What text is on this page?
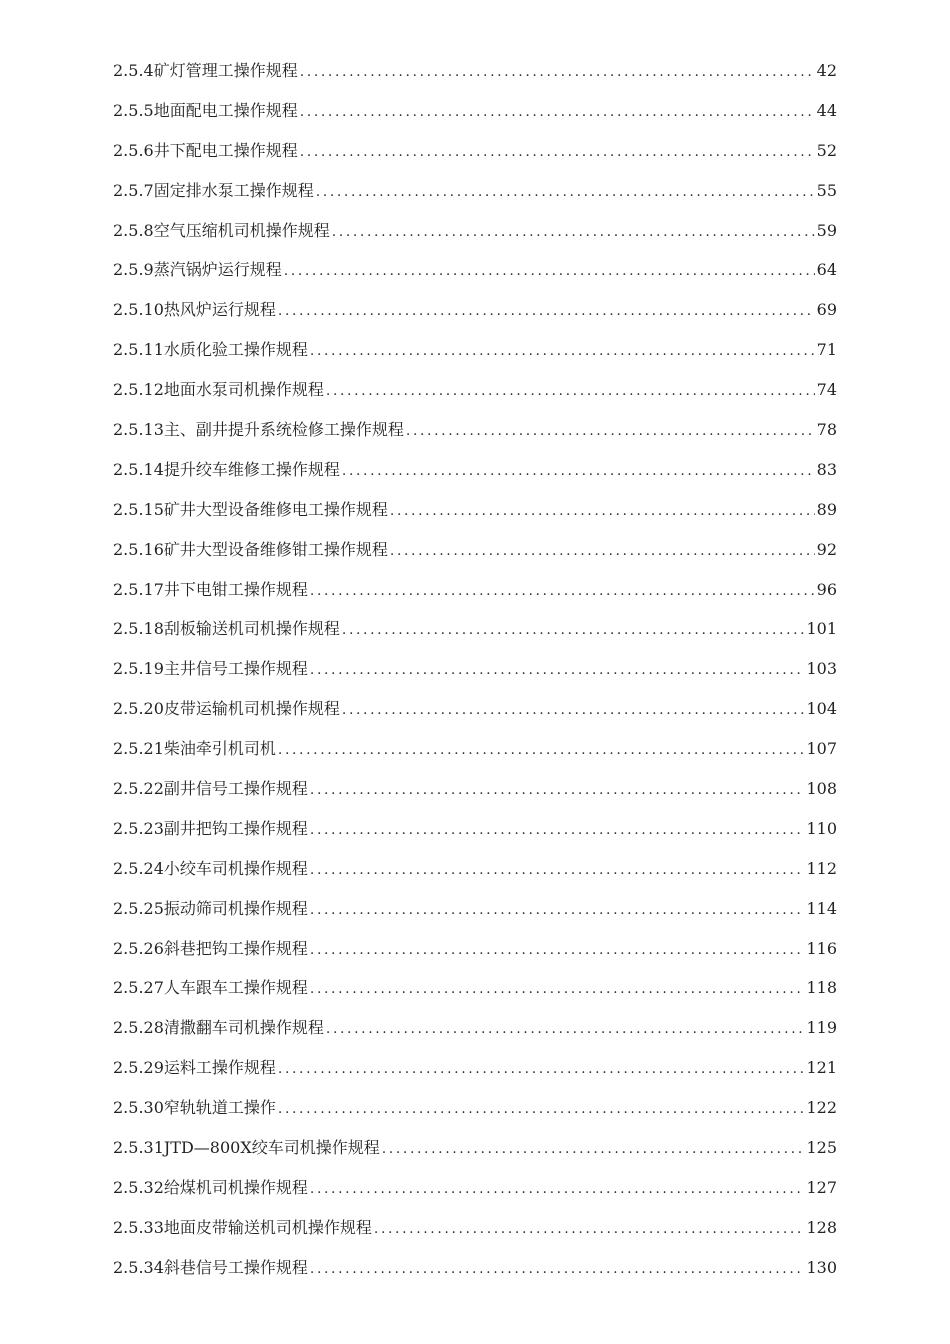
2.5.4矿灯管理工操作规程 .....	42
2.5.5地面配电工操作规程 .....	44
2.5.6井下配电工操作规程 .....	52
2.5.7固定排水泵工操作规程 .....	55
2.5.8空气压缩机司机操作规程 .....	59
2.5.9蒸汽锅炉运行规程 .....	64
2.5.10热风炉运行规程 .....	69
2.5.11水质化验工操作规程 .....	71
2.5.12地面水泵司机操作规程 .....	74
2.5.13主、副井提升系统检修工操作规程 .....	78
2.5.14提升绞车维修工操作规程 .....	83
2.5.15矿井大型设备维修电工操作规程 .....	89
2.5.16矿井大型设备维修钳工操作规程 .....	92
2.5.17井下电钳工操作规程 .....	96
2.5.18刮板输送机司机操作规程 .....	101
2.5.19主井信号工操作规程 .....	103
2.5.20皮带运输机司机操作规程 .....	104
2.5.21柴油牵引机司机 .....	107
2.5.22副井信号工操作规程 .....	108
2.5.23副井把钩工操作规程 .....	110
2.5.24小绞车司机操作规程 .....	112
2.5.25振动筛司机操作规程 .....	114
2.5.26斜巷把钩工操作规程 .....	116
2.5.27人车跟车工操作规程 .....	118
2.5.28清撒翻车司机操作规程 .....	119
2.5.29运料工操作规程 .....	121
2.5.30窄轨轨道工操作 .....	122
2.5.31JTD—800X绞车司机操作规程 .....	125
2.5.32给煤机司机操作规程 .....	127
2.5.33地面皮带输送机司机操作规程 .....	128
2.5.34斜巷信号工操作规程 .....	130
